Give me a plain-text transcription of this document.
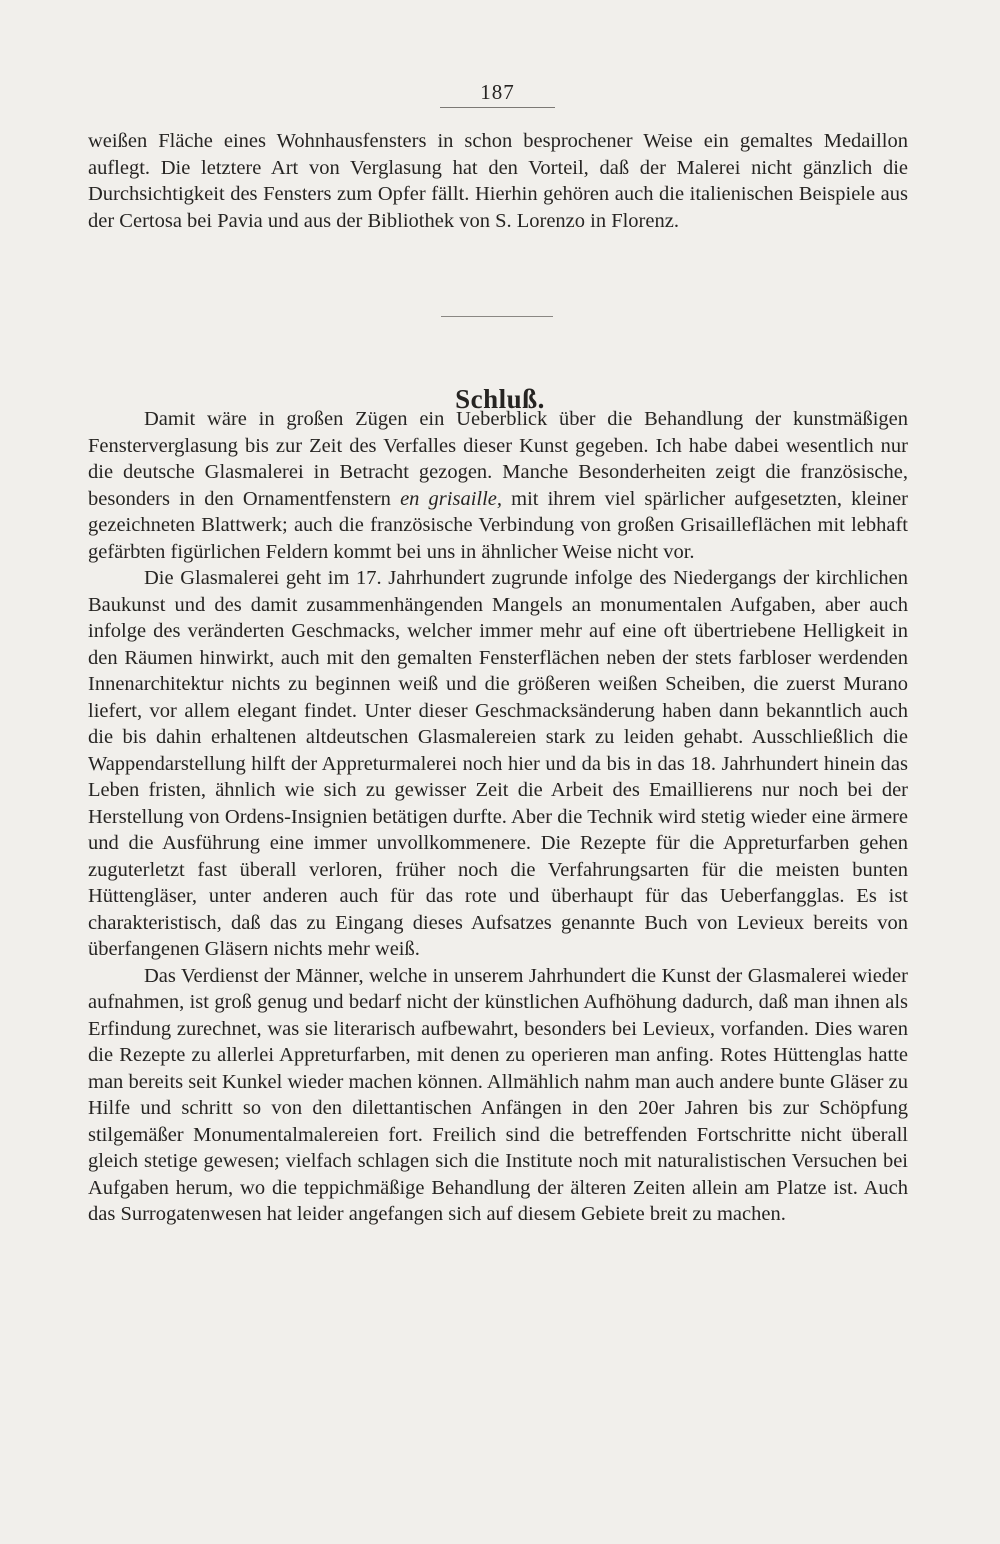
187

weißen Fläche eines Wohnhausfensters in schon besprochener Weise ein gemaltes Medaillon auflegt. Die letztere Art von Verglasung hat den Vorteil, daß der Malerei nicht gänzlich die Durchsichtigkeit des Fensters zum Opfer fällt. Hierhin gehören auch die italienischen Beispiele aus der Certosa bei Pavia und aus der Bibliothek von S. Lorenzo in Florenz.

Schluß.

Damit wäre in großen Zügen ein Ueberblick über die Behandlung der kunstmäßigen Fensterverglasung bis zur Zeit des Verfalles dieser Kunst gegeben. Ich habe dabei wesentlich nur die deutsche Glasmalerei in Betracht gezogen. Manche Besonderheiten zeigt die französische, besonders in den Ornamentfenstern en grisaille, mit ihrem viel spärlicher aufgesetzten, kleiner gezeichneten Blattwerk; auch die französische Verbindung von großen Grisailleflächen mit lebhaft gefärbten figürlichen Feldern kommt bei uns in ähnlicher Weise nicht vor.

Die Glasmalerei geht im 17. Jahrhundert zugrunde infolge des Niedergangs der kirchlichen Baukunst und des damit zusammenhängenden Mangels an monumentalen Aufgaben, aber auch infolge des veränderten Geschmacks, welcher immer mehr auf eine oft übertriebene Helligkeit in den Räumen hinwirkt, auch mit den gemalten Fensterflächen neben der stets farbloser werdenden Innenarchitektur nichts zu beginnen weiß und die größeren weißen Scheiben, die zuerst Murano liefert, vor allem elegant findet. Unter dieser Geschmacksänderung haben dann bekanntlich auch die bis dahin erhaltenen altdeutschen Glasmalereien stark zu leiden gehabt. Ausschließlich die Wappendarstellung hilft der Appreturmalerei noch hier und da bis in das 18. Jahrhundert hinein das Leben fristen, ähnlich wie sich zu gewisser Zeit die Arbeit des Emaillierens nur noch bei der Herstellung von Ordens-Insignien betätigen durfte. Aber die Technik wird stetig wieder eine ärmere und die Ausführung eine immer unvollkommenere. Die Rezepte für die Appreturfarben gehen zuguterletzt fast überall verloren, früher noch die Verfahrungsarten für die meisten bunten Hüttengläser, unter anderen auch für das rote und überhaupt für das Ueberfangglas. Es ist charakteristisch, daß das zu Eingang dieses Aufsatzes genannte Buch von Levieux bereits von überfangenen Gläsern nichts mehr weiß.

Das Verdienst der Männer, welche in unserem Jahrhundert die Kunst der Glasmalerei wieder aufnahmen, ist groß genug und bedarf nicht der künstlichen Aufhöhung dadurch, daß man ihnen als Erfindung zurechnet, was sie literarisch aufbewahrt, besonders bei Levieux, vorfanden. Dies waren die Rezepte zu allerlei Appreturfarben, mit denen zu operieren man anfing. Rotes Hüttenglas hatte man bereits seit Kunkel wieder machen können. Allmählich nahm man auch andere bunte Gläser zu Hilfe und schritt so von den dilettantischen Anfängen in den 20er Jahren bis zur Schöpfung stilgemäßer Monumentalmalereien fort. Freilich sind die betreffenden Fortschritte nicht überall gleich stetige gewesen; vielfach schlagen sich die Institute noch mit naturalistischen Versuchen bei Aufgaben herum, wo die teppichmäßige Behandlung der älteren Zeiten allein am Platze ist. Auch das Surrogatenwesen hat leider angefangen sich auf diesem Gebiete breit zu machen.
